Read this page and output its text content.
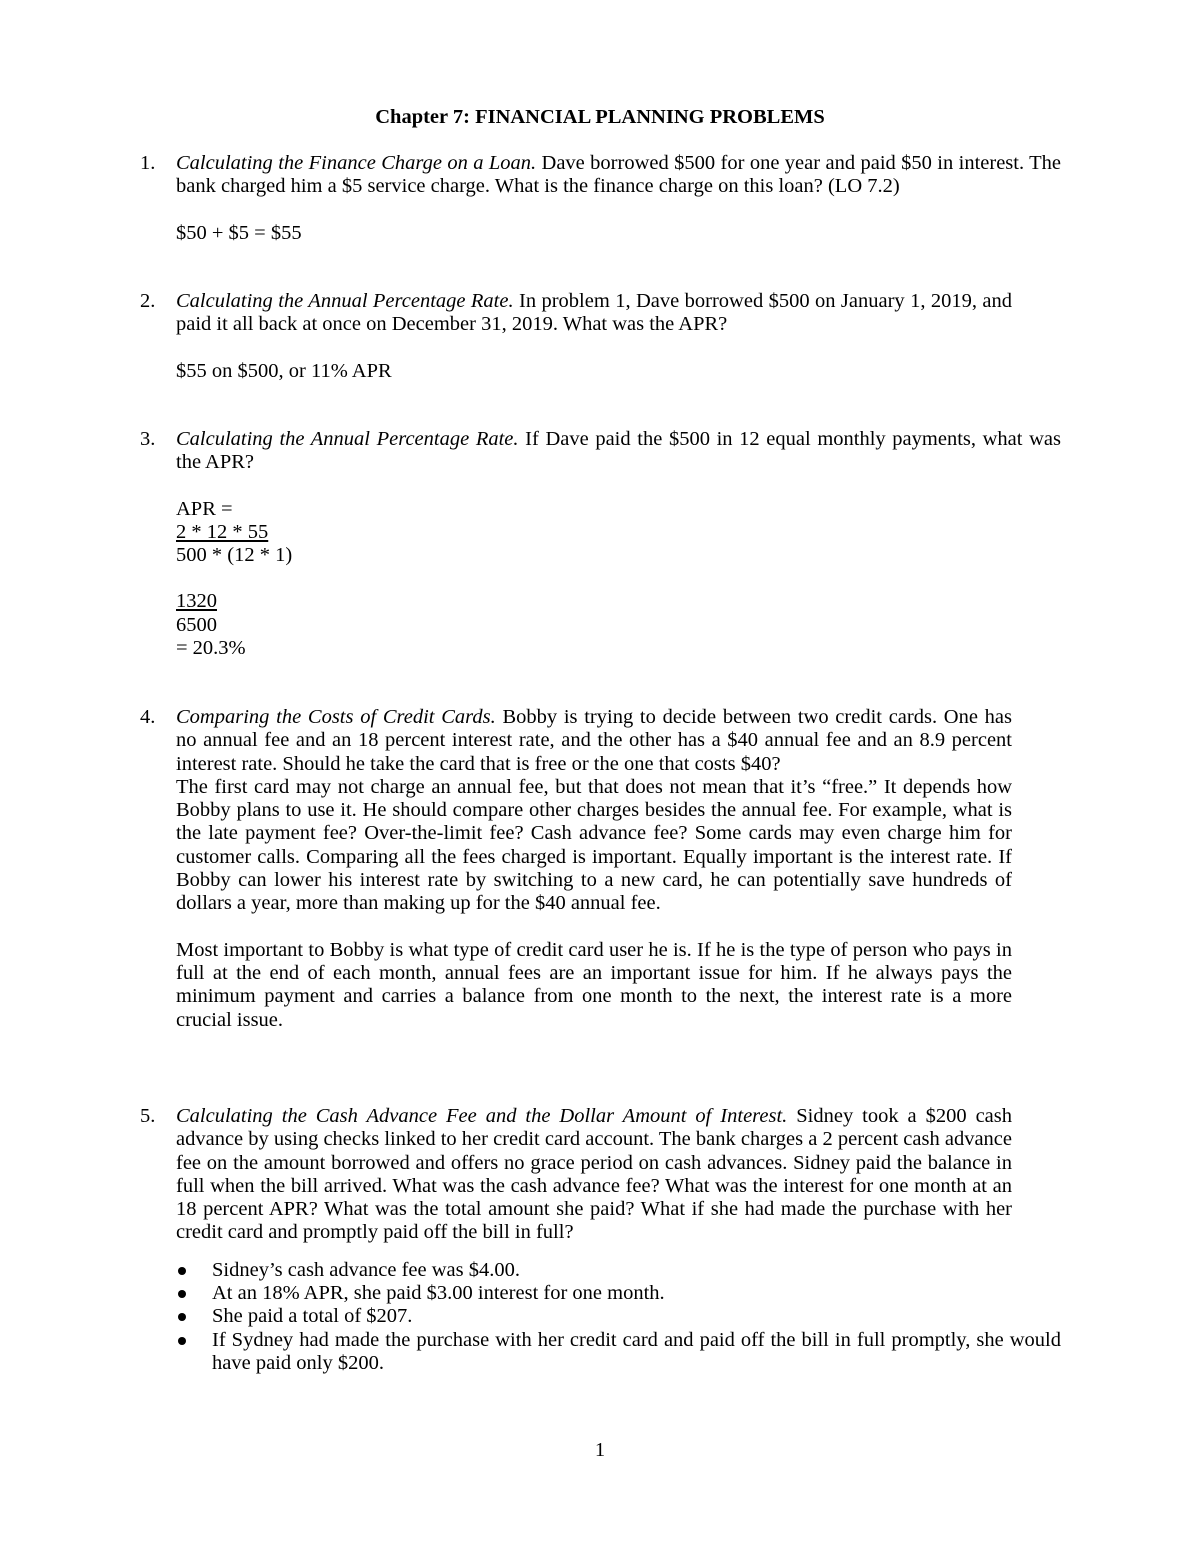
Chapter 7: FINANCIAL PLANNING PROBLEMS
1.	Calculating the Finance Charge on a Loan. Dave borrowed $500 for one year and paid $50 in interest. The bank charged him a $5 service charge. What is the finance charge on this loan? (LO 7.2)

$50 + $5 = $55

2.	Calculating the Annual Percentage Rate. In problem 1, Dave borrowed $500 on January 1, 2019, and paid it all back at once on December 31, 2019. What was the APR?

$55 on $500, or 11% APR

3.	Calculating the Annual Percentage Rate. If Dave paid the $500 in 12 equal monthly payments, what was the APR?

APR =
2 * 12 * 55
500 * (12 * 1)
1320
6500
= 20.3%
4.	Comparing the Costs of Credit Cards. Bobby is trying to decide between two credit cards. One has no annual fee and an 18 percent interest rate, and the other has a $40 annual fee and an 8.9 percent interest rate. Should he take the card that is free or the one that costs $40?

The first card may not charge an annual fee, but that does not mean that it’s “free.” It depends how Bobby plans to use it. He should compare other charges besides the annual fee. For example, what is the late payment fee? Over-the-limit fee? Cash advance fee? Some cards may even charge him for customer calls. Comparing all the fees charged is important. Equally important is the interest rate. If Bobby can lower his interest rate by switching to a new card, he can potentially save hundreds of dollars a year, more than making up for the $40 annual fee.

Most important to Bobby is what type of credit card user he is. If he is the type of person who pays in full at the end of each month, annual fees are an important issue for him. If he always pays the minimum payment and carries a balance from one month to the next, the interest rate is a more crucial issue.

5.	Calculating the Cash Advance Fee and the Dollar Amount of Interest. Sidney took a $200 cash advance by using checks linked to her credit card account. The bank charges a 2 percent cash advance fee on the amount borrowed and offers no grace period on cash advances. Sidney paid the balance in full when the bill arrived. What was the cash advance fee? What was the interest for one month at an 18 percent APR? What was the total amount she paid? What if she had made the purchase with her credit card and promptly paid off the bill in full?

Sidney’s cash advance fee was $4.00.
At an 18% APR, she paid $3.00 interest for one month.
She paid a total of $207.
If Sydney had made the purchase with her credit card and paid off the bill in full promptly, she would have paid only $200.
1
